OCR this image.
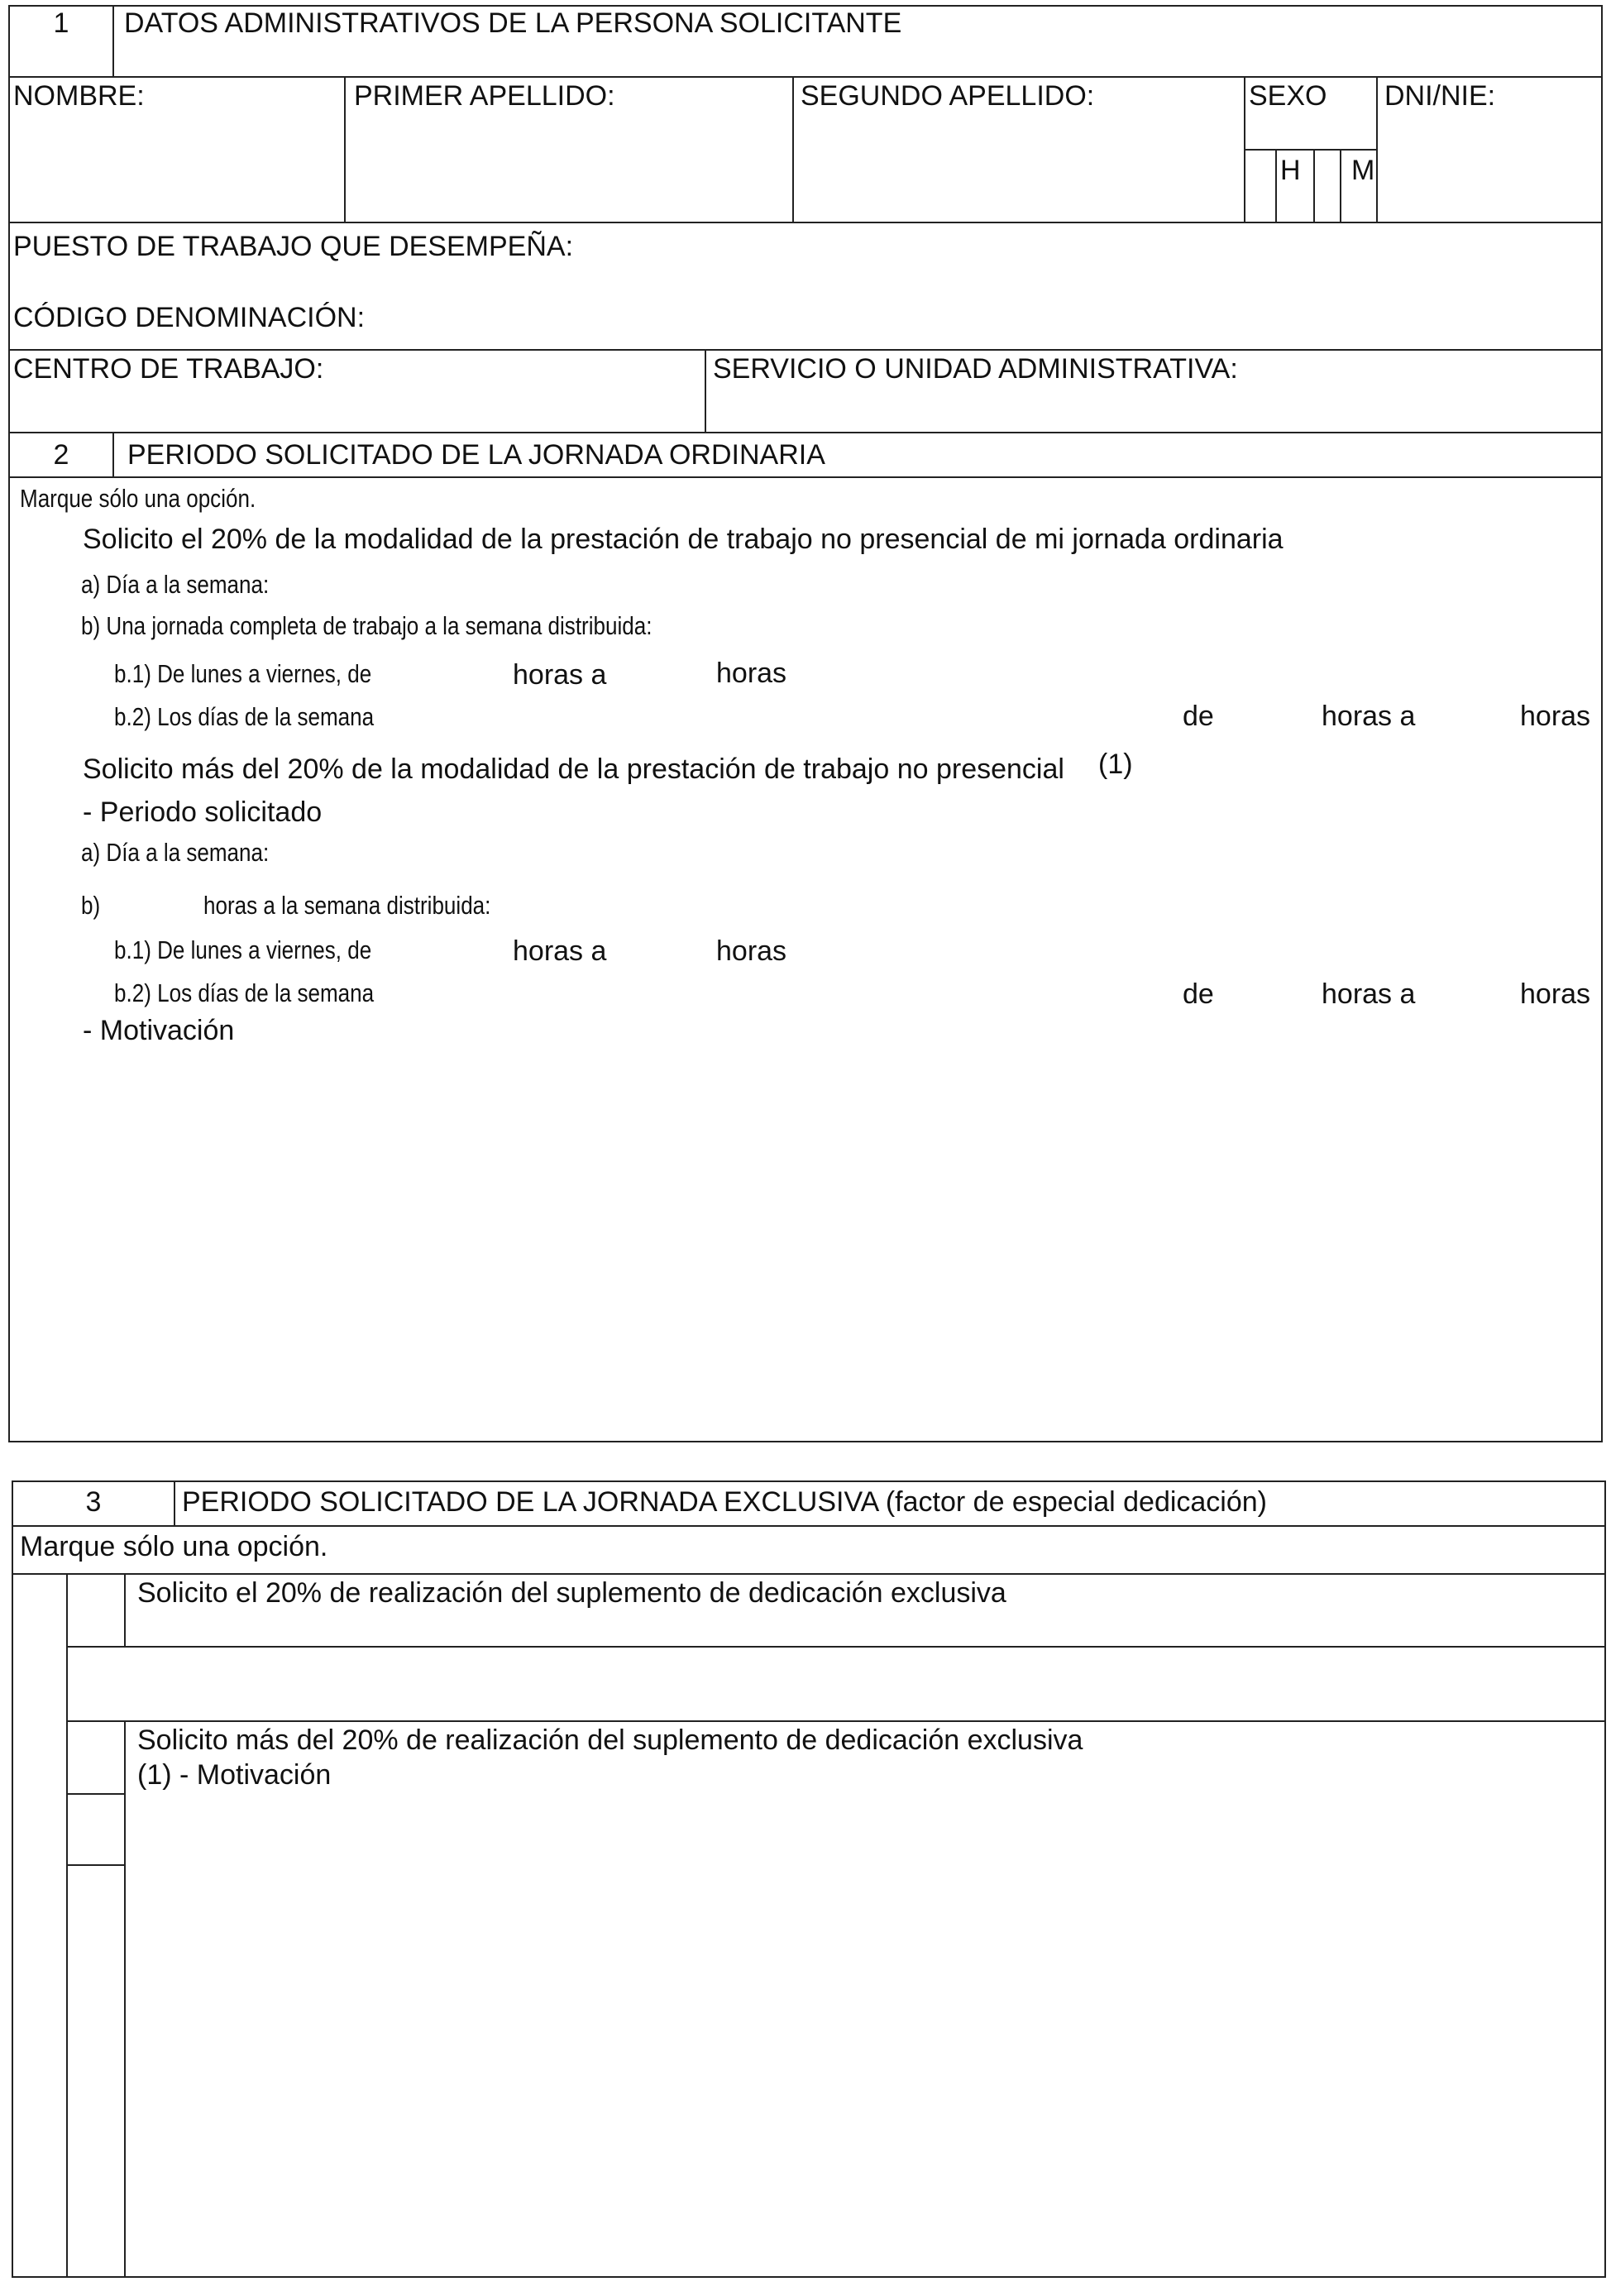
1	DATOS ADMINISTRATIVOS DE LA PERSONA SOLICITANTE
NOMBRE:	PRIMER APELLIDO:	SEGUNDO APELLIDO:	SEXO
H M
DNI/NIE:
PUESTO DE TRABAJO QUE DESEMPEÑA:
CÓDIGO DENOMINACIÓN:
CENTRO DE TRABAJO:	SERVICIO O UNIDAD ADMINISTRATIVA:
2	PERIODO SOLICITADO DE LA JORNADA ORDINARIA
Marque sólo una opción.
Solicito el 20% de la modalidad de la prestación de trabajo no presencial de mi jornada ordinaria
a) Día a la semana:
b) Una jornada completa de trabajo a la semana distribuida:
b.1) De lunes a viernes, de	horas a	horas
b.2) Los días de la semana	de	horas a	horas
Solicito más del 20% de la modalidad de la prestación de trabajo no presencial (1)
- Periodo solicitado
a) Día a la semana:
b)	horas a la semana distribuida:
b.1) De lunes a viernes, de	horas a	horas
b.2) Los días de la semana	de	horas a	horas
- Motivación
3	PERIODO SOLICITADO DE LA JORNADA EXCLUSIVA (factor de especial dedicación)
Marque sólo una opción.
Solicito el 20% de realización del suplemento de dedicación exclusiva
Solicito más del 20% de realización del suplemento de dedicación exclusiva
(1) - Motivación
